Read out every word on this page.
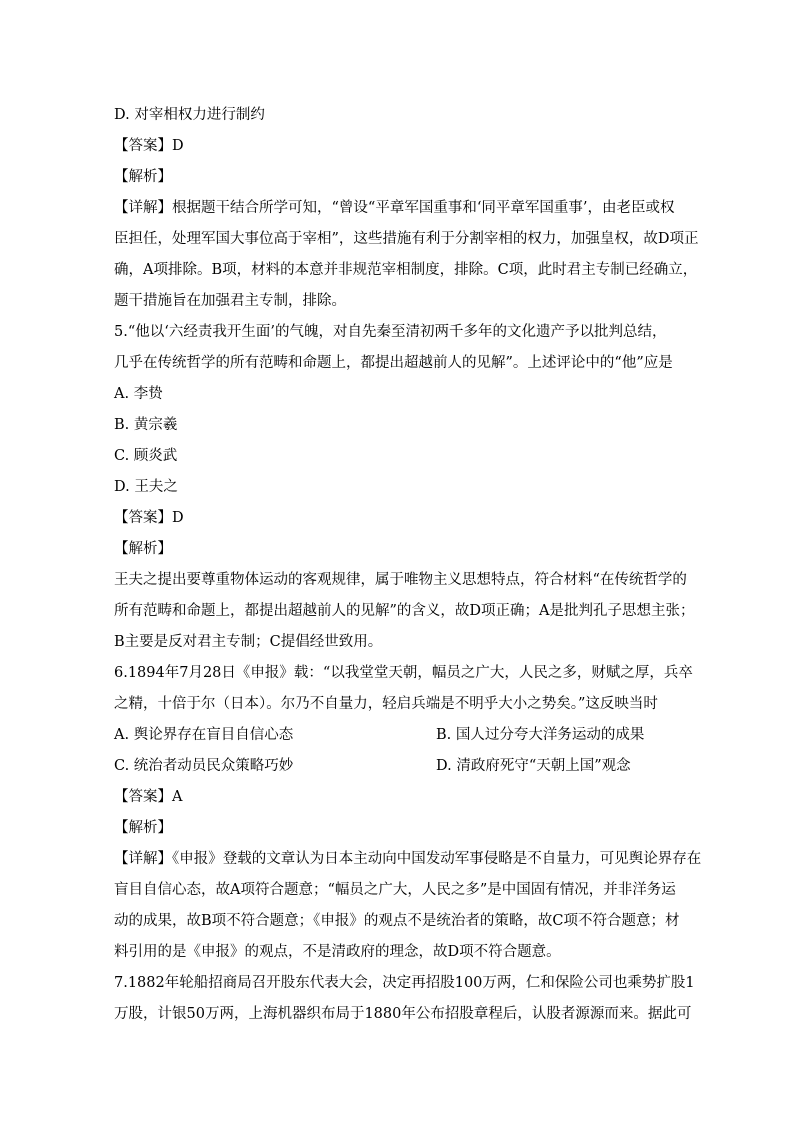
D. 对宰相权力进行制约
【答案】D
【解析】
【详解】根据题干结合所学可知，“曾设“平章军国重事和‘同平章军国重事’，由老臣或权
臣担任，处理军国大事位高于宰相”，这些措施有利于分割宰相的权力，加强皇权，故D项正
确，A项排除。B项，材料的本意并非规范宰相制度，排除。C项，此时君主专制已经确立，
题干措施旨在加强君主专制，排除。
5.“他以‘六经责我开生面’的气魄，对自先秦至清初两千多年的文化遗产予以批判总结，
几乎在传统哲学的所有范畴和命题上，都提出超越前人的见解”。上述评论中的“他”应是
A. 李贽
B. 黄宗羲
C. 顾炎武
D. 王夫之
【答案】D
【解析】
王夫之提出要尊重物体运动的客观规律，属于唯物主义思想特点，符合材料“在传统哲学的
所有范畴和命题上，都提出超越前人的见解”的含义，故D项正确；A是批判孔子思想主张；
B主要是反对君主专制；C提倡经世致用。
6.1894年7月28日《申报》载：“以我堂堂天朝，幅员之广大，人民之多，财赋之厚，兵卒
之精，十倍于尔（日本）。尔乃不自量力，轻启兵端是不明乎大小之势矣。”这反映当时
A. 舆论界存在盲目自信心态	B. 国人过分夸大洋务运动的成果
C. 统治者动员民众策略巧妙	D. 清政府死守“天朝上国”观念
【答案】A
【解析】
【详解】《申报》登载的文章认为日本主动向中国发动军事侵略是不自量力，可见舆论界存在
盲目自信心态，故A项符合题意；“幅员之广大，人民之多”是中国固有情况，并非洋务运
动的成果，故B项不符合题意；《申报》的观点不是统治者的策略，故C项不符合题意；材
料引用的是《申报》的观点，不是清政府的理念，故D项不符合题意。
7.1882年轮船招商局召开股东代表大会，决定再招股100万两，仁和保险公司也乘势扩股1
万股，计银50万两，上海机器织布局于1880年公布招股章程后，认股者源源而来。据此可
